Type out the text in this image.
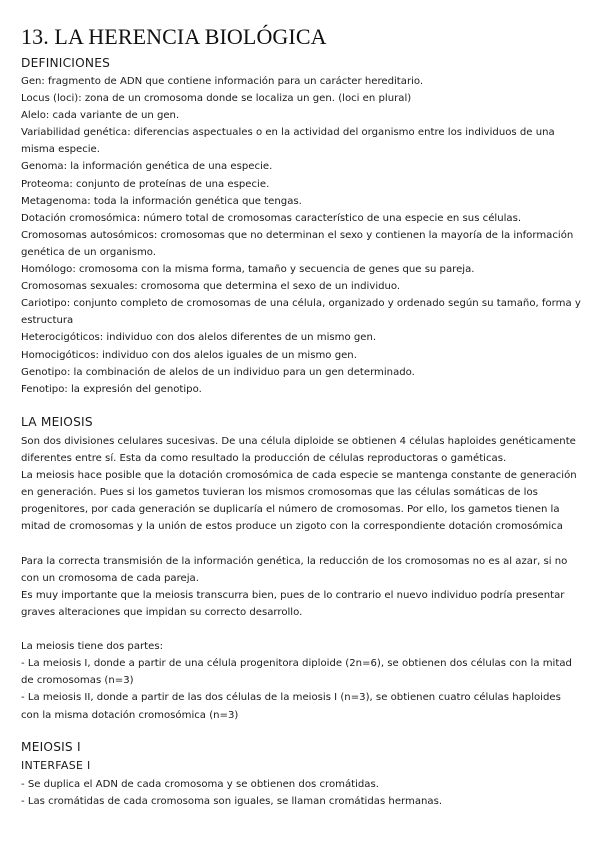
13. LA HERENCIA BIOLÓGICA
DEFINICIONES

Gen: fragmento de ADN que contiene información para un carácter hereditario.

Locus (loci): zona de un cromosoma donde se localiza un gen. (loci en plural)

Alelo: cada variante de un gen.

Variabilidad genética: diferencias aspectuales o en la actividad del organismo entre los individuos de una misma especie.

Genoma: la información genética de una especie.

Proteoma: conjunto de proteínas de una especie.

Metagenoma: toda la información genética que tengas.

Dotación cromosómica: número total de cromosomas característico de una especie en sus células.

Cromosomas autosómicos: cromosomas que no determinan el sexo y contienen la mayoría de la información genética de un organismo.

Homólogo: cromosoma con la misma forma, tamaño y secuencia de genes que su pareja.

Cromosomas sexuales: cromosoma que determina el sexo de un individuo.

Cariotipo: conjunto completo de cromosomas de una célula, organizado y ordenado según su tamaño, forma y estructura

Heterocigóticos: individuo con dos alelos diferentes de un mismo gen.

Homocigóticos: individuo con dos alelos iguales de un mismo gen.

Genotipo: la combinación de alelos de un individuo para un gen determinado.

Fenotipo: la expresión del genotipo.

LA MEIOSIS

Son dos divisiones celulares sucesivas. De una célula diploide se obtienen 4 células haploides genéticamente diferentes entre sí. Esta da como resultado la producción de células reproductoras o gaméticas.

La meiosis hace posible que la dotación cromosómica de cada especie se mantenga constante de generación en generación. Pues si los gametos tuvieran los mismos cromosomas que las células somáticas de los progenitores, por cada generación se duplicaría el número de cromosomas. Por ello, los gametos tienen la mitad de cromosomas y la unión de estos produce un zigoto con la correspondiente dotación cromosómica

Para la correcta transmisión de la información genética, la reducción de los cromosomas no es al azar, si no con un cromosoma de cada pareja.

Es muy importante que la meiosis transcurra bien, pues de lo contrario el nuevo individuo podría presentar graves alteraciones que impidan su correcto desarrollo.

La meiosis tiene dos partes:

- La meiosis I, donde a partir de una célula progenitora diploide (2n=6), se obtienen dos células con la mitad de cromosomas (n=3)

- La meiosis II, donde a partir de las dos células de la meiosis I (n=3), se obtienen cuatro células haploides con la misma dotación cromosómica (n=3)

MEIOSIS I
INTERFASE I

- Se duplica el ADN de cada cromosoma y se obtienen dos cromátidas.

- Las cromátidas de cada cromosoma son iguales, se llaman cromátidas hermanas.
